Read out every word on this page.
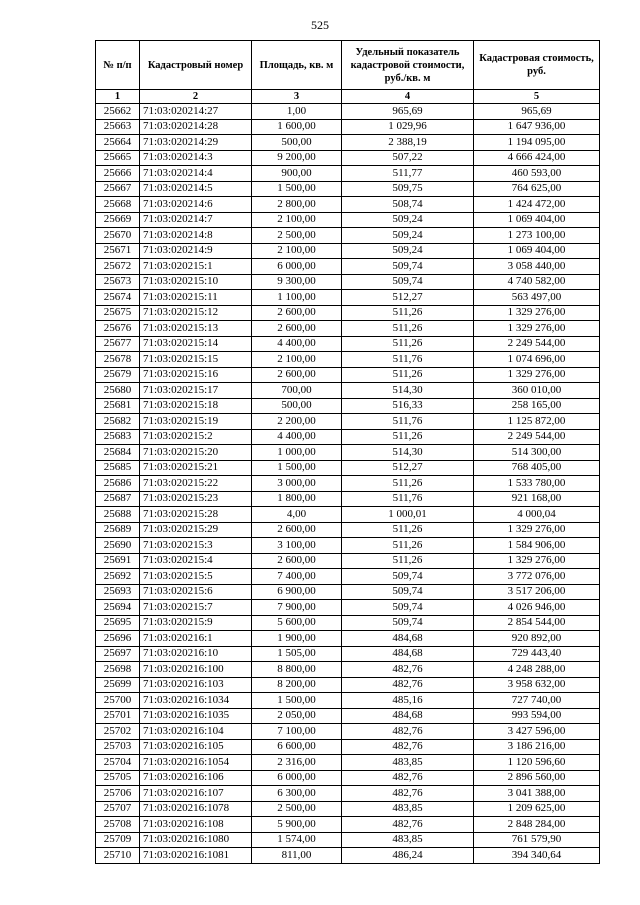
525
№ п/п	Кадастровый номер	Площадь, кв. м	Удельный показатель кадастровой стоимости, руб./кв. м	Кадастровая стоимость, руб.
1	2	3	4	5
25662	71:03:020214:27	1,00	965,69	965,69
25663	71:03:020214:28	1 600,00	1 029,96	1 647 936,00
25664	71:03:020214:29	500,00	2 388,19	1 194 095,00
25665	71:03:020214:3	9 200,00	507,22	4 666 424,00
25666	71:03:020214:4	900,00	511,77	460 593,00
25667	71:03:020214:5	1 500,00	509,75	764 625,00
25668	71:03:020214:6	2 800,00	508,74	1 424 472,00
25669	71:03:020214:7	2 100,00	509,24	1 069 404,00
25670	71:03:020214:8	2 500,00	509,24	1 273 100,00
25671	71:03:020214:9	2 100,00	509,24	1 069 404,00
25672	71:03:020215:1	6 000,00	509,74	3 058 440,00
25673	71:03:020215:10	9 300,00	509,74	4 740 582,00
25674	71:03:020215:11	1 100,00	512,27	563 497,00
25675	71:03:020215:12	2 600,00	511,26	1 329 276,00
25676	71:03:020215:13	2 600,00	511,26	1 329 276,00
25677	71:03:020215:14	4 400,00	511,26	2 249 544,00
25678	71:03:020215:15	2 100,00	511,76	1 074 696,00
25679	71:03:020215:16	2 600,00	511,26	1 329 276,00
25680	71:03:020215:17	700,00	514,30	360 010,00
25681	71:03:020215:18	500,00	516,33	258 165,00
25682	71:03:020215:19	2 200,00	511,76	1 125 872,00
25683	71:03:020215:2	4 400,00	511,26	2 249 544,00
25684	71:03:020215:20	1 000,00	514,30	514 300,00
25685	71:03:020215:21	1 500,00	512,27	768 405,00
25686	71:03:020215:22	3 000,00	511,26	1 533 780,00
25687	71:03:020215:23	1 800,00	511,76	921 168,00
25688	71:03:020215:28	4,00	1 000,01	4 000,04
25689	71:03:020215:29	2 600,00	511,26	1 329 276,00
25690	71:03:020215:3	3 100,00	511,26	1 584 906,00
25691	71:03:020215:4	2 600,00	511,26	1 329 276,00
25692	71:03:020215:5	7 400,00	509,74	3 772 076,00
25693	71:03:020215:6	6 900,00	509,74	3 517 206,00
25694	71:03:020215:7	7 900,00	509,74	4 026 946,00
25695	71:03:020215:9	5 600,00	509,74	2 854 544,00
25696	71:03:020216:1	1 900,00	484,68	920 892,00
25697	71:03:020216:10	1 505,00	484,68	729 443,40
25698	71:03:020216:100	8 800,00	482,76	4 248 288,00
25699	71:03:020216:103	8 200,00	482,76	3 958 632,00
25700	71:03:020216:1034	1 500,00	485,16	727 740,00
25701	71:03:020216:1035	2 050,00	484,68	993 594,00
25702	71:03:020216:104	7 100,00	482,76	3 427 596,00
25703	71:03:020216:105	6 600,00	482,76	3 186 216,00
25704	71:03:020216:1054	2 316,00	483,85	1 120 596,60
25705	71:03:020216:106	6 000,00	482,76	2 896 560,00
25706	71:03:020216:107	6 300,00	482,76	3 041 388,00
25707	71:03:020216:1078	2 500,00	483,85	1 209 625,00
25708	71:03:020216:108	5 900,00	482,76	2 848 284,00
25709	71:03:020216:1080	1 574,00	483,85	761 579,90
25710	71:03:020216:1081	811,00	486,24	394 340,64
